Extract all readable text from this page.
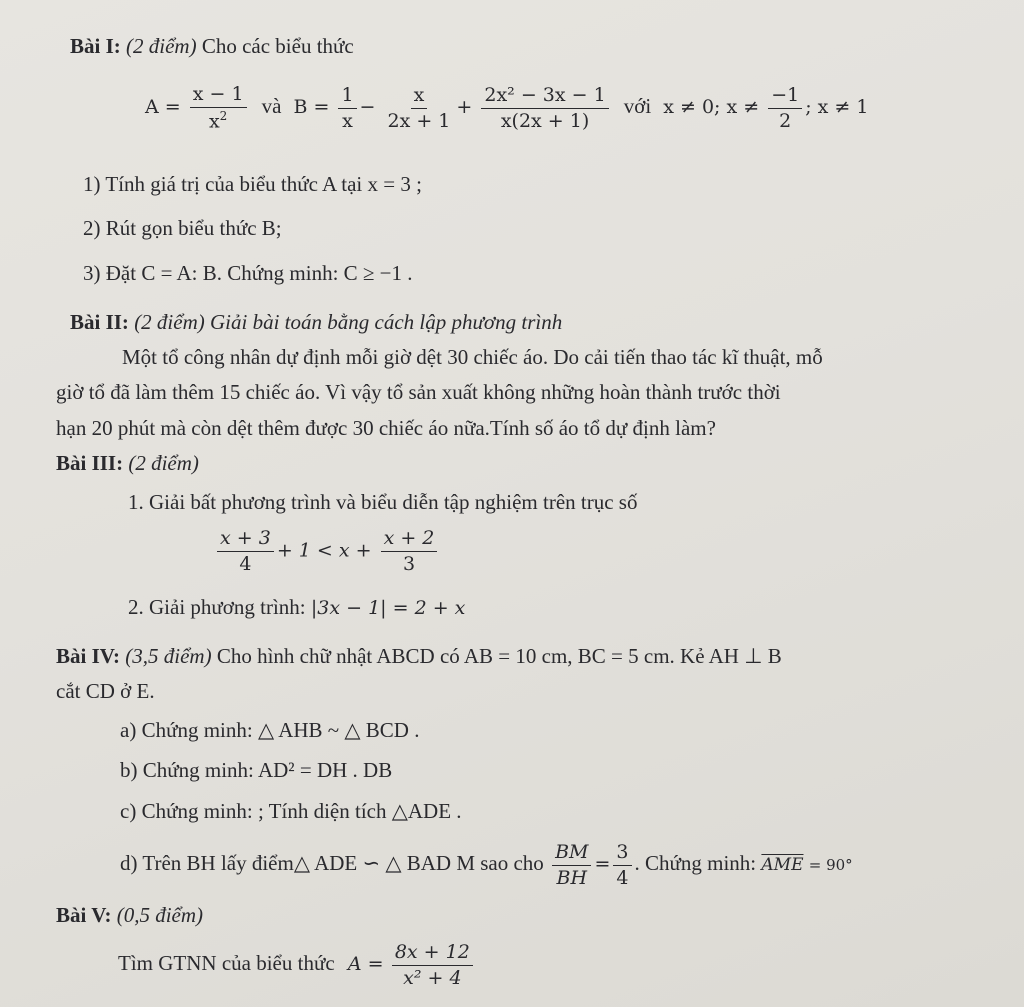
Bài I: (2 điểm) Cho các biểu thức
$A = \frac{x - 1}{x^2}$ và $B = \frac{1}{x} - \frac{x}{2x + 1} + \frac{\text{2x² − 3x − 1}}{x(2x + 1)}$ với x ≠ 0; $x \ne \frac{-1}{2}$ ; x ≠ 1
1) Tính giá trị của biểu thức A tại x = 3 ;
2) Rút gọn biểu thức B;
3) Đặt C = A: B. Chứng minh: C ≥ −1 .
Bài II: (2 điểm) Giải bài toán bằng cách lập phương trình
Một tổ công nhân dự định mỗi giờ dệt 30 chiếc áo. Do cải tiến thao tác kĩ thuật, mỗ
giờ tổ đã làm thêm 15 chiếc áo. Vì vậy tổ sản xuất không những hoàn thành trước thời
hạn 20 phút mà còn dệt thêm được 30 chiếc áo nữa.Tính số áo tổ dự định làm?
Bài III: (2 điểm)
1. Giải bất phương trình và biểu diễn tập nghiệm trên trục số
$\frac{x + 3}{4} + 1 < x + \frac{x + 2}{3}$
2. Giải phương trình: |3x − 1| = 2 + x
Bài IV: (3,5 điểm) Cho hình chữ nhật ABCD có AB = 10 cm, BC = 5 cm. Kẻ AH ⊥ B
cắt CD ở E.
a) Chứng minh: △ AHB ~ △ BCD .
b) Chứng minh: AD² = DH . DB
c) Chứng minh: ; Tính diện tích △ADE .
d) Trên BH lấy điểm△ ADE ∽ △ BAD M sao cho $\frac{BM}{BH} = \frac{3}{4}$ . Chứng minh: $\overline{AME} = 90^\circ$
Bài V: (0,5 điểm)
Tìm GTNN của biểu thức $A = \frac{8x + 12}{\text{x² + 4}}$
